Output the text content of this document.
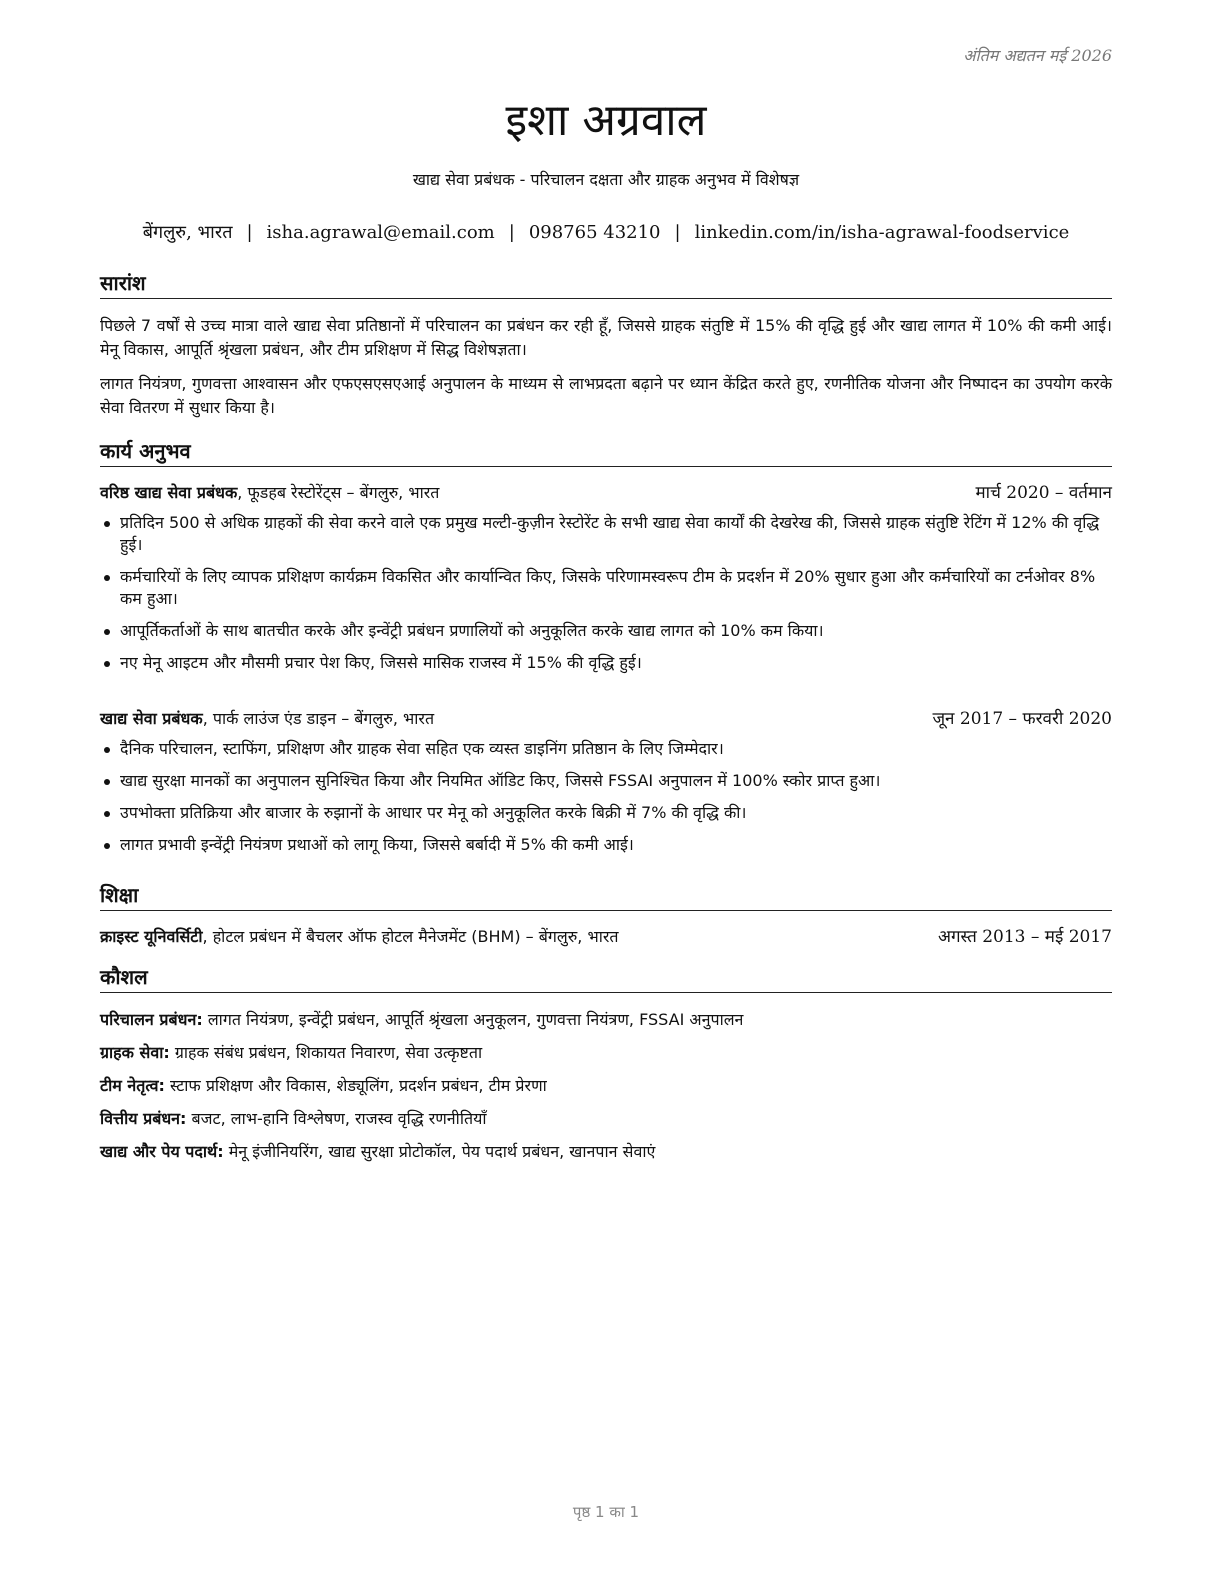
अंतिम अद्यतन मई 2026
इशा अग्रवाल
खाद्य सेवा प्रबंधक - परिचालन दक्षता और ग्राहक अनुभव में विशेषज्ञ
बेंगलुरु, भारत | isha.agrawal@email.com | 098765 43210 | linkedin.com/in/isha-agrawal-foodservice
सारांश
पिछले 7 वर्षों से उच्च मात्रा वाले खाद्य सेवा प्रतिष्ठानों में परिचालन का प्रबंधन कर रही हूँ, जिससे ग्राहक संतुष्टि में 15% की वृद्धि हुई और खाद्य लागत में 10% की कमी आई। मेनू विकास, आपूर्ति श्रृंखला प्रबंधन, और टीम प्रशिक्षण में सिद्ध विशेषज्ञता।
लागत नियंत्रण, गुणवत्ता आश्वासन और एफएसएसएआई अनुपालन के माध्यम से लाभप्रदता बढ़ाने पर ध्यान केंद्रित करते हुए, रणनीतिक योजना और निष्पादन का उपयोग करके सेवा वितरण में सुधार किया है।
कार्य अनुभव
वरिष्ठ खाद्य सेवा प्रबंधक, फूडहब रेस्टोरेंट्स – बेंगलुरु, भारत	मार्च 2020 – वर्तमान
प्रतिदिन 500 से अधिक ग्राहकों की सेवा करने वाले एक प्रमुख मल्टी-कुज़ीन रेस्टोरेंट के सभी खाद्य सेवा कार्यों की देखरेख की, जिससे ग्राहक संतुष्टि रेटिंग में 12% की वृद्धि हुई।
कर्मचारियों के लिए व्यापक प्रशिक्षण कार्यक्रम विकसित और कार्यान्वित किए, जिसके परिणामस्वरूप टीम के प्रदर्शन में 20% सुधार हुआ और कर्मचारियों का टर्नओवर 8% कम हुआ।
आपूर्तिकर्ताओं के साथ बातचीत करके और इन्वेंट्री प्रबंधन प्रणालियों को अनुकूलित करके खाद्य लागत को 10% कम किया।
नए मेनू आइटम और मौसमी प्रचार पेश किए, जिससे मासिक राजस्व में 15% की वृद्धि हुई।
खाद्य सेवा प्रबंधक, पार्क लाउंज एंड डाइन – बेंगलुरु, भारत	जून 2017 – फरवरी 2020
दैनिक परिचालन, स्टाफिंग, प्रशिक्षण और ग्राहक सेवा सहित एक व्यस्त डाइनिंग प्रतिष्ठान के लिए जिम्मेदार।
खाद्य सुरक्षा मानकों का अनुपालन सुनिश्चित किया और नियमित ऑडिट किए, जिससे FSSAI अनुपालन में 100% स्कोर प्राप्त हुआ।
उपभोक्ता प्रतिक्रिया और बाजार के रुझानों के आधार पर मेनू को अनुकूलित करके बिक्री में 7% की वृद्धि की।
लागत प्रभावी इन्वेंट्री नियंत्रण प्रथाओं को लागू किया, जिससे बर्बादी में 5% की कमी आई।
शिक्षा
क्राइस्ट यूनिवर्सिटी, होटल प्रबंधन में बैचलर ऑफ होटल मैनेजमेंट (BHM) – बेंगलुरु, भारत	अगस्त 2013 – मई 2017
कौशल
परिचालन प्रबंधन: लागत नियंत्रण, इन्वेंट्री प्रबंधन, आपूर्ति श्रृंखला अनुकूलन, गुणवत्ता नियंत्रण, FSSAI अनुपालन
ग्राहक सेवा: ग्राहक संबंध प्रबंधन, शिकायत निवारण, सेवा उत्कृष्टता
टीम नेतृत्व: स्टाफ प्रशिक्षण और विकास, शेड्यूलिंग, प्रदर्शन प्रबंधन, टीम प्रेरणा
वित्तीय प्रबंधन: बजट, लाभ-हानि विश्लेषण, राजस्व वृद्धि रणनीतियाँ
खाद्य और पेय पदार्थ: मेनू इंजीनियरिंग, खाद्य सुरक्षा प्रोटोकॉल, पेय पदार्थ प्रबंधन, खानपान सेवाएं
पृष्ठ 1 का 1
